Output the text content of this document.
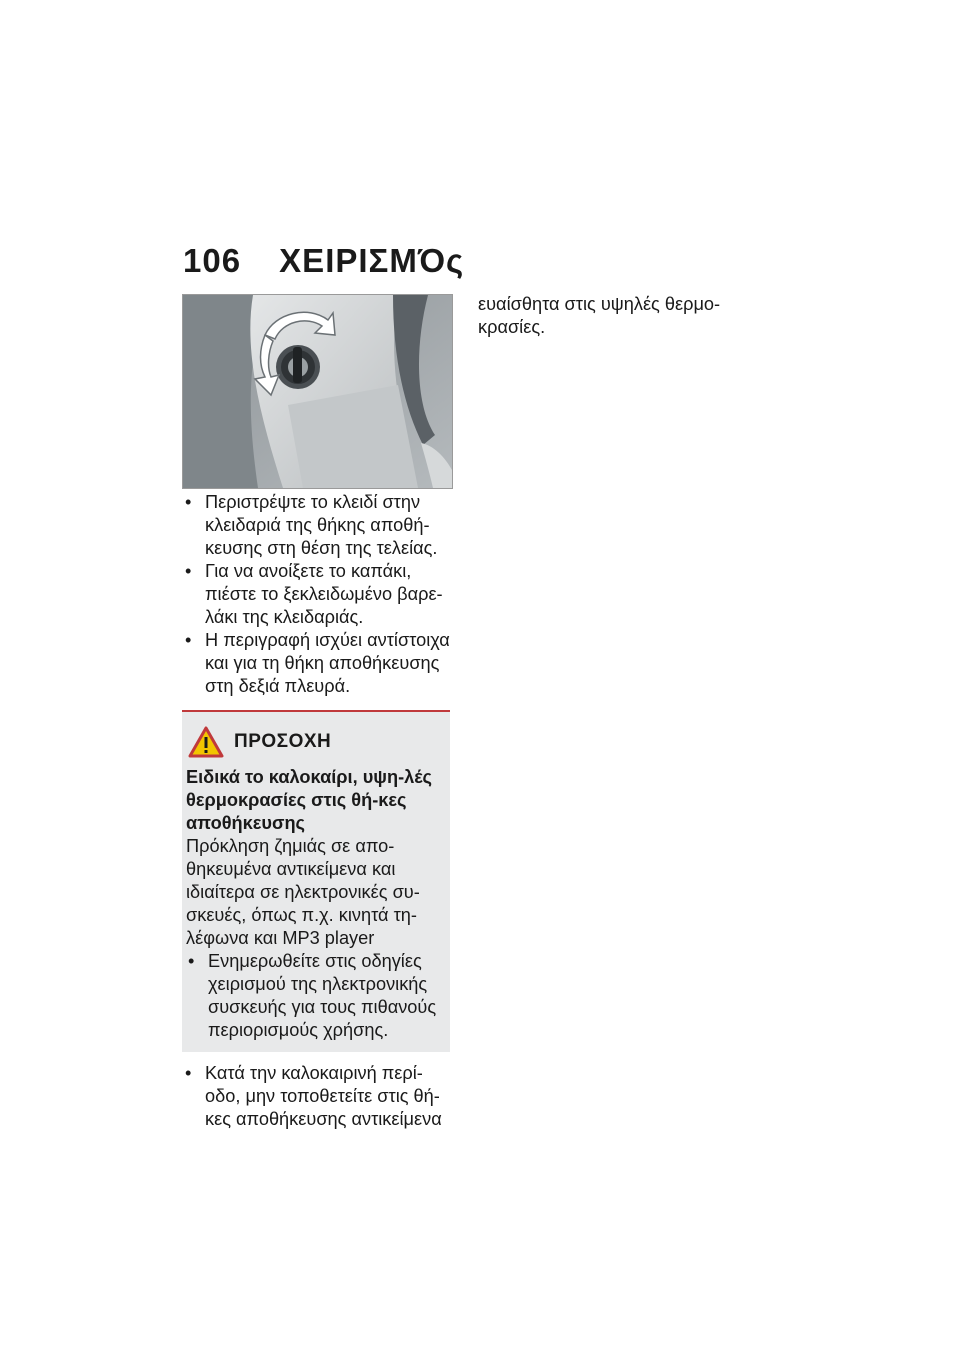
106 ΧΕΙΡΙΣΜΌς
• Περιστρέψτε το κλειδί στην κλειδαριά της θήκης αποθή-κευσης στη θέση της τελείας.
• Για να ανοίξετε το καπάκι, πιέστε το ξεκλειδωμένο βαρε-λάκι της κλειδαριάς.
• Η περιγραφή ισχύει αντίστοιχα και για τη θήκη αποθήκευσης στη δεξιά πλευρά.
ΠΡΟΣΟΧΗ
Ειδικά το καλοκαίρι, υψη-λές θερμοκρασίες στις θή-κες αποθήκευσης
Πρόκληση ζημιάς σε απο-θηκευμένα αντικείμενα και ιδιαίτερα σε ηλεκτρονικές συ-σκευές, όπως π.χ. κινητά τη-λέφωνα και MP3 player
• Ενημερωθείτε στις οδηγίες χειρισμού της ηλεκτρονικής συσκευής για τους πιθανούς περιορισμούς χρήσης.
• Κατά την καλοκαιρινή περί-οδο, μην τοποθετείτε στις θή-κες αποθήκευσης αντικείμενα
ευαίσθητα στις υψηλές θερμο-κρασίες.
